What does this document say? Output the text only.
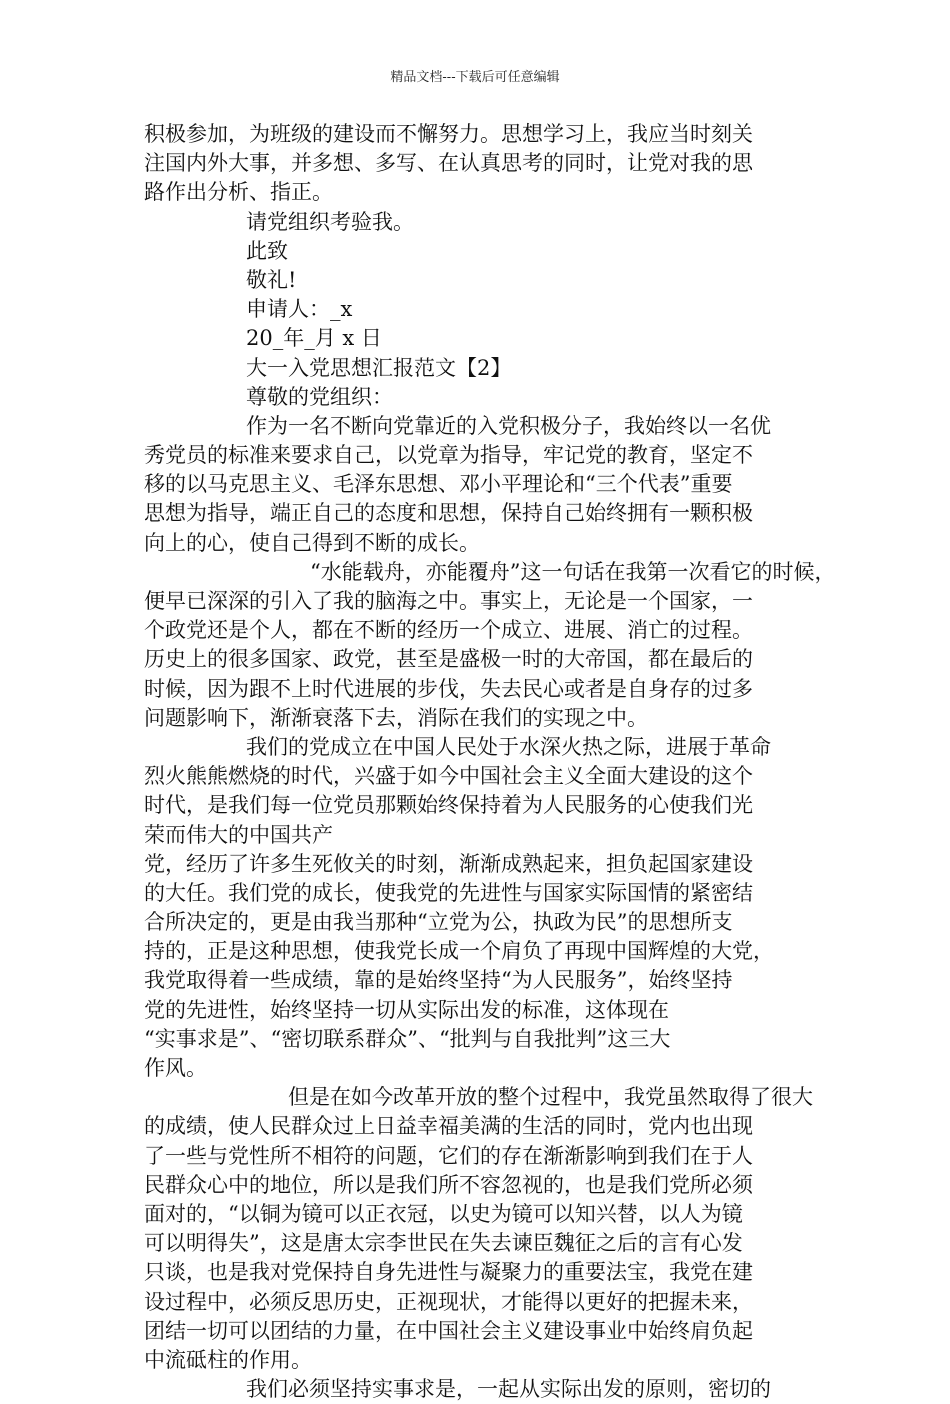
精品文档---下载后可任意编辑
积极参加，为班级的建设而不懈努力。思想学习上，我应当时刻关
注国内外大事，并多想、多写、在认真思考的同时，让党对我的思
路作出分析、指正。
请党组织考验我。
此致
敬礼!
申请人：_x
20_年_月 x 日
大一入党思想汇报范文【2】
尊敬的党组织：
作为一名不断向党靠近的入党积极分子，我始终以一名优
秀党员的标准来要求自己，以党章为指导，牢记党的教育，坚定不
移的以马克思主义、毛泽东思想、邓小平理论和“三个代表”重要
思想为指导，端正自己的态度和思想，保持自己始终拥有一颗积极
向上的心，使自己得到不断的成长。
“水能载舟，亦能覆舟”这一句话在我第一次看它的时候，
便早已深深的引入了我的脑海之中。事实上，无论是一个国家，一
个政党还是个人，都在不断的经历一个成立、进展、消亡的过程。
历史上的很多国家、政党，甚至是盛极一时的大帝国，都在最后的
时候，因为跟不上时代进展的步伐，失去民心或者是自身存的过多
问题影响下，渐渐衰落下去，消际在我们的实现之中。
我们的党成立在中国人民处于水深火热之际，进展于革命
烈火熊熊燃烧的时代，兴盛于如今中国社会主义全面大建设的这个
时代，是我们每一位党员那颗始终保持着为人民服务的心使我们光
荣而伟大的中国共产
党，经历了许多生死攸关的时刻，渐渐成熟起来，担负起国家建设
的大任。我们党的成长，使我党的先进性与国家实际国情的紧密结
合所决定的，更是由我当那种“立党为公，执政为民”的思想所支
持的，正是这种思想，使我党长成一个肩负了再现中国辉煌的大党，
我党取得着一些成绩，靠的是始终坚持“为人民服务”，始终坚持
党的先进性，始终坚持一切从实际出发的标准，这体现在
“实事求是”、“密切联系群众”、“批判与自我批判”这三大
作风。
但是在如今改革开放的整个过程中，我党虽然取得了很大
的成绩，使人民群众过上日益幸福美满的生活的同时，党内也出现
了一些与党性所不相符的问题，它们的存在渐渐影响到我们在于人
民群众心中的地位，所以是我们所不容忽视的，也是我们党所必须
面对的，“以铜为镜可以正衣冠，以史为镜可以知兴替，以人为镜
可以明得失”，这是唐太宗李世民在失去谏臣魏征之后的言有心发
只谈，也是我对党保持自身先进性与凝聚力的重要法宝，我党在建
设过程中，必须反思历史，正视现状，才能得以更好的把握未来，
团结一切可以团结的力量，在中国社会主义建设事业中始终肩负起
中流砥柱的作用。
我们必须坚持实事求是，一起从实际出发的原则，密切的
